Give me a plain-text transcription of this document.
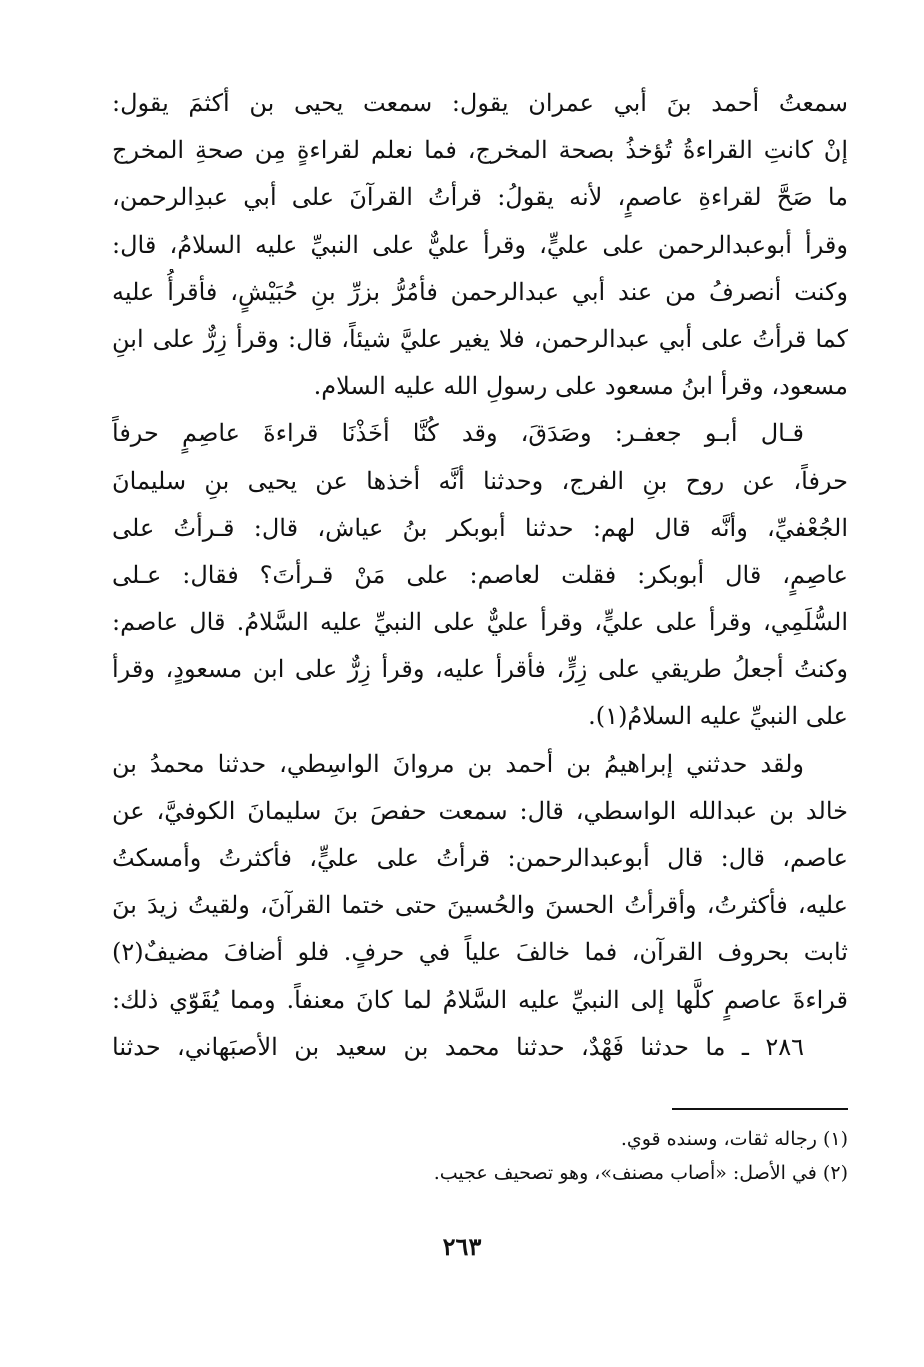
سمعتُ أحمد بنَ أبي عمران يقول: سمعت يحيى بن أكثمَ يقول:
إنْ كانتِ القراءةُ تُؤخذُ بصحة المخرج، فما نعلم لقراءةٍ مِن صحةِ المخرج
ما صَحَّ لقراءةِ عاصمٍ، لأنه يقولُ: قرأتُ القرآنَ على أبي عبدِالرحمن،
وقرأ أبوعبدالرحمن على عليٍّ، وقرأ عليٌّ على النبيِّ عليه السلامُ، قال:
وكنت أنصرفُ من عند أبي عبدالرحمن فأمُرُّ بزرِّ بنِ حُبَيْشٍ، فأقرأُ عليه
كما قرأتُ على أبي عبدالرحمن، فلا يغير عليَّ شيئاً، قال: وقرأ زِرٌّ على ابنِ
مسعود، وقرأ ابنُ مسعود على رسولِ الله عليه السلام.
قـال أبـو جعفـر: وصَدَقَ، وقد كُنَّا أخَذْنَا قراءةَ عاصِمٍ حرفاً
حرفاً، عن روح بنِ الفرج، وحدثنا أنَّه أخذها عن يحيى بنِ سليمانَ
الجُعْفيِّ، وأنَّه قال لهم: حدثنا أبوبكر بنُ عياش، قال: قـرأتُ على
عاصِمٍ، قال أبوبكر: فقلت لعاصم: على مَنْ قـرأتَ؟ فقال: عـلى
السُّلَمِي، وقرأ على عليٍّ، وقرأ عليٌّ على النبيِّ عليه السَّلامُ. قال عاصم:
وكنتُ أجعلُ طريقي على زِرٍّ، فأقرأ عليه، وقرأ زِرٌّ على ابن مسعودٍ، وقرأ
على النبيِّ عليه السلامُ(١).
ولقد حدثني إبراهيمُ بن أحمد بن مروانَ الواسِطي، حدثنا محمدُ بن
خالد بن عبدالله الواسطي، قال: سمعت حفصَ بنَ سليمانَ الكوفيَّ، عن
عاصم، قال: قال أبوعبدالرحمن: قرأتُ على عليٍّ، فأكثرتُ وأمسكتُ
عليه، فأكثرتُ، وأقرأتُ الحسنَ والحُسينَ حتى ختما القرآنَ، ولقيتُ زيدَ بنَ
ثابت بحروف القرآن، فما خالفَ علياً في حرفٍ. فلو أضافَ مضيفٌ(٢)
قراءةَ عاصمٍ كلَّها إلى النبيِّ عليه السَّلامُ لما كانَ معنفاً. ومما يُقَوّي ذلك:
٢٨٦ ـ ما حدثنا فَهْدٌ، حدثنا محمد بن سعيد بن الأصبَهاني، حدثنا
(١) رجاله ثقات، وسنده قوي.
(٢) في الأصل: «أصاب مصنف»، وهو تصحيف عجيب.
٢٦٣
